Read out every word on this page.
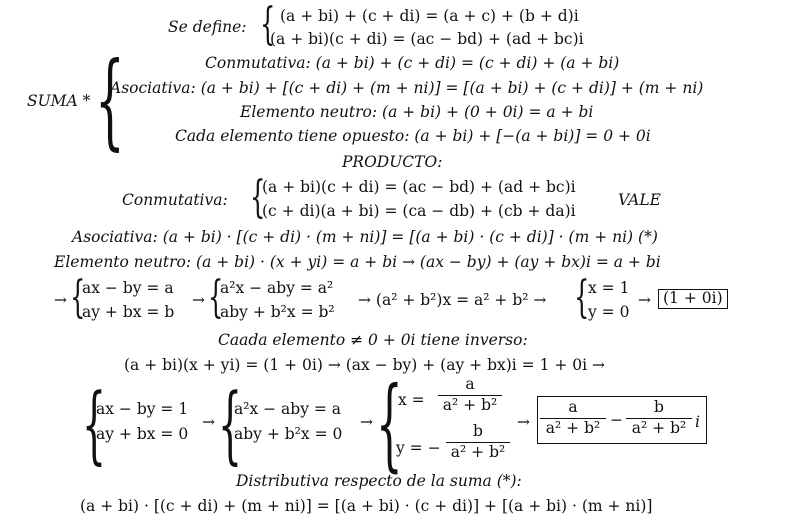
Se define: { (a + bi) + (c + di) = (a + c) + (b + d)i
(a + bi)(c + di) = (ac − bd) + (ad + bc)i
SUMA * {	Conmutativa: (a + bi) + (c + di) = (c + di) + (a + bi)
Asociativa: (a + bi) + [(c + di) + (m + ni)] = [(a + bi) + (c + di)] + (m + ni)
Elemento neutro: (a + bi) + (0 + 0i) = a + bi
Cada elemento tiene opuesto: (a + bi) + [−(a + bi)] = 0 + 0i
PRODUCTO:
Conmutativa: {
(a + bi)(c + di) = (ac − bd) + (ad + bc)i
(c + di)(a + bi) = (ca − db) + (cb + da)i
VALE
Asociativa: (a + bi) · [(c + di) · (m + ni)] = [(a + bi) · (c + di)] · (m + ni) (*)
Elemento neutro: (a + bi) · (x + yi) = a + bi → (ax − by) + (ay + bx)i = a + bi
→ {
ax − by = a
ay + bx = b
→ {
a²x − aby = a²
aby + b²x = b²
→ (a² + b²)x = a² + b² → {
x = 1
y = 0
→ (1 + 0i)
Caada elemento ≠ 0 + 0i tiene inverso:
(a + bi)(x + yi) = (1 + 0i) → (ax − by) + (ay + bx)i = 1 + 0i →
{
ax − by = 1
ay + bx = 0
→ {
a²x − aby = a
aby + b²x = 0
→ {
x =
a
a² + b²
y = −
b
a² + b²
→
a
a² + b² −
b
a² + b² i
Distributiva respecto de la suma (*):
(a + bi) · [(c + di) + (m + ni)] = [(a + bi) · (c + di)] + [(a + bi) · (m + ni)]
